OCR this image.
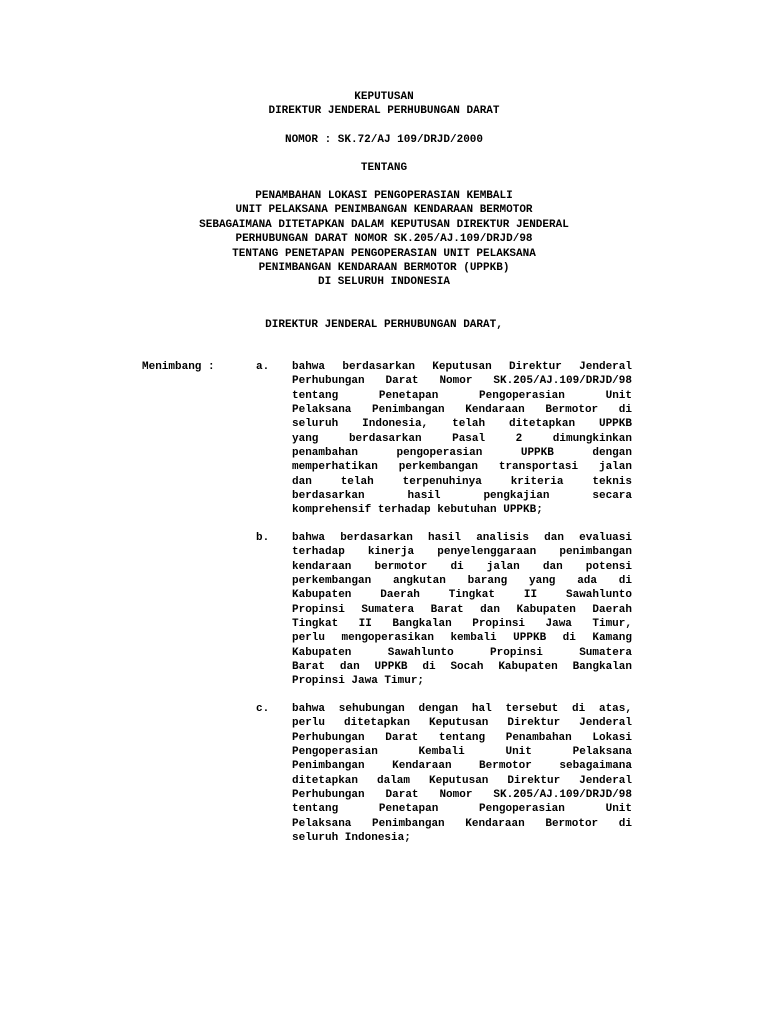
KEPUTUSAN
DIREKTUR JENDERAL PERHUBUNGAN DARAT
NOMOR : SK.72/AJ 109/DRJD/2000
TENTANG
PENAMBAHAN LOKASI PENGOPERASIAN KEMBALI
UNIT PELAKSANA PENIMBANGAN KENDARAAN BERMOTOR
SEBAGAIMANA DITETAPKAN DALAM KEPUTUSAN DIREKTUR JENDERAL
PERHUBUNGAN DARAT NOMOR SK.205/AJ.109/DRJD/98
TENTANG PENETAPAN PENGOPERASIAN UNIT PELAKSANA
PENIMBANGAN KENDARAAN BERMOTOR (UPPKB)
DI SELURUH INDONESIA
DIREKTUR JENDERAL PERHUBUNGAN DARAT,
Menimbang :	a. bahwa berdasarkan Keputusan Direktur Jenderal
Perhubungan Darat Nomor SK.205/AJ.109/DRJD/98
tentang Penetapan Pengoperasian Unit
Pelaksana Penimbangan Kendaraan Bermotor di
seluruh Indonesia, telah ditetapkan UPPKB
yang berdasarkan Pasal 2 dimungkinkan
penambahan pengoperasian UPPKB dengan
memperhatikan perkembangan transportasi jalan
dan telah terpenuhinya kriteria teknis
berdasarkan hasil pengkajian secara
komprehensif terhadap kebutuhan UPPKB;
b. bahwa berdasarkan hasil analisis dan evaluasi
terhadap kinerja penyelenggaraan penimbangan
kendaraan bermotor di jalan dan potensi
perkembangan angkutan barang yang ada di
Kabupaten Daerah Tingkat II Sawahlunto
Propinsi Sumatera Barat dan Kabupaten Daerah
Tingkat II Bangkalan Propinsi Jawa Timur,
perlu mengoperasikan kembali UPPKB di Kamang
Kabupaten Sawahlunto Propinsi Sumatera
Barat dan UPPKB di Socah Kabupaten Bangkalan
Propinsi Jawa Timur;
c. bahwa sehubungan dengan hal tersebut di atas,
perlu ditetapkan Keputusan Direktur Jenderal
Perhubungan Darat tentang Penambahan Lokasi
Pengoperasian Kembali Unit Pelaksana
Penimbangan Kendaraan Bermotor sebagaimana
ditetapkan dalam Keputusan Direktur Jenderal
Perhubungan Darat Nomor SK.205/AJ.109/DRJD/98
tentang Penetapan Pengoperasian Unit
Pelaksana Penimbangan Kendaraan Bermotor di
seluruh Indonesia;
